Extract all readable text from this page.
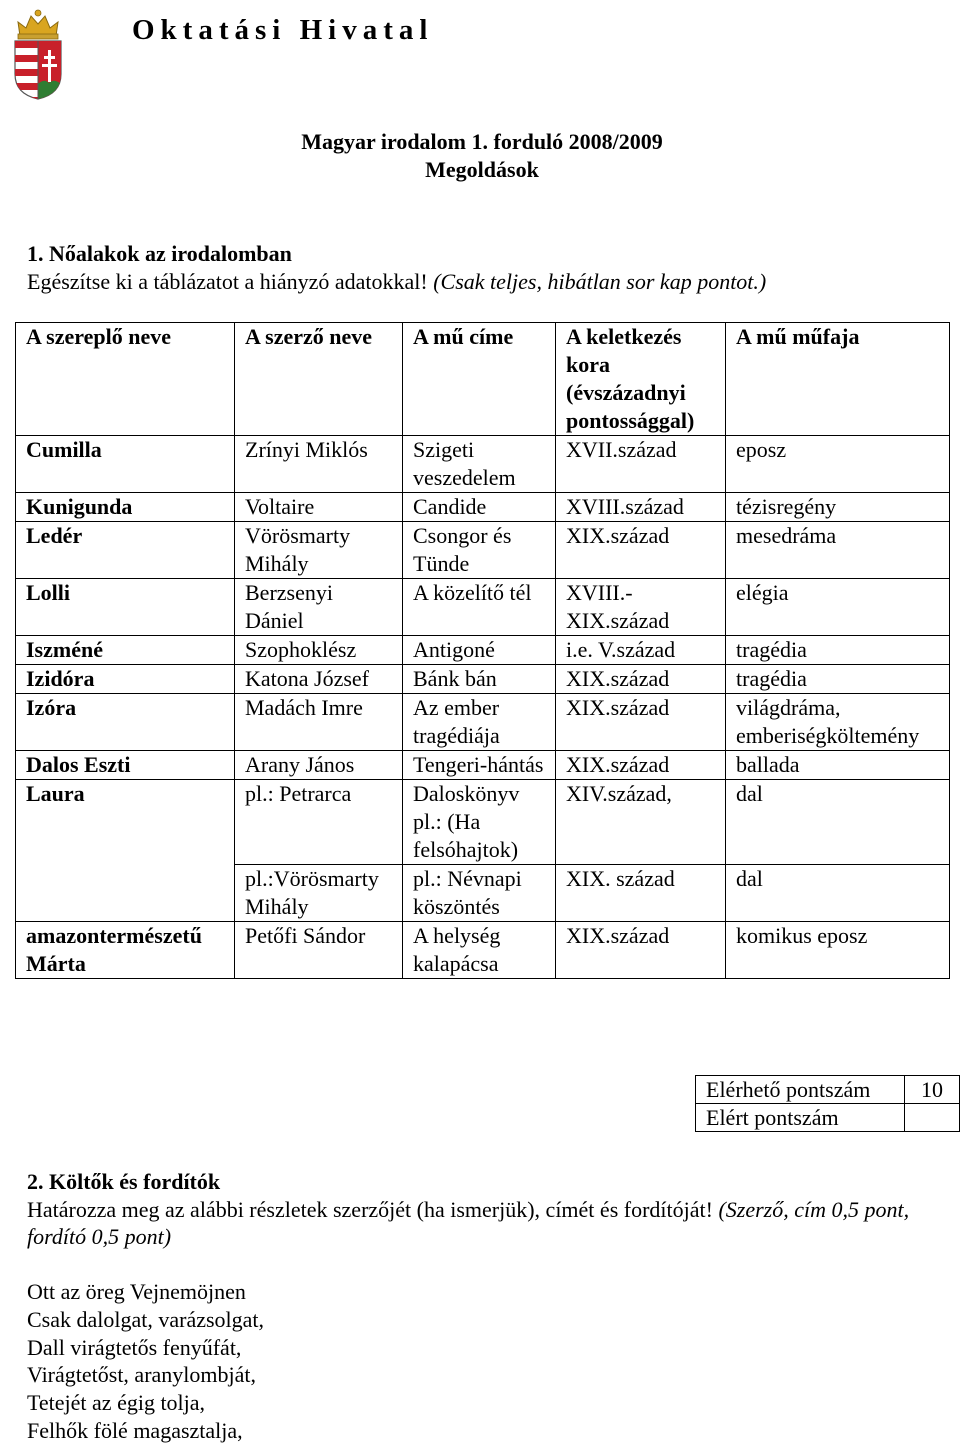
Oktatási Hivatal
Magyar irodalom 1. forduló 2008/2009
Megoldások
1. Nőalakok az irodalomban
Egészítse ki a táblázatot a hiányzó adatokkal! (Csak teljes, hibátlan sor kap pontot.)
A szereplő neve	A szerző neve	A mű címe	A keletkezés kora (évszázadnyi pontossággal)	A mű műfaja
Cumilla	Zrínyi Miklós	Szigeti veszedelem	XVII.század	eposz
Kunigunda	Voltaire	Candide	XVIII.század	tézisregény
Ledér	Vörösmarty Mihály	Csongor és Tünde	XIX.század	mesedráma
Lolli	Berzsenyi Dániel	A közelítő tél	XVIII.- XIX.század	elégia
Iszméné	Szophoklész	Antigoné	i.e. V.század	tragédia
Izidóra	Katona József	Bánk bán	XIX.század	tragédia
Izóra	Madách Imre	Az ember tragédiája	XIX.század	világdráma, emberiségköltemény
Dalos Eszti	Arany János	Tengeri-hántás	XIX.század	ballada
Laura	pl.: Petrarca	Daloskönyv pl.: (Ha felsóhajtok)	XIV.század,	dal
	pl.:Vörösmarty Mihály	pl.: Névnapi köszöntés	XIX. század	dal
amazontermészetű Márta	Petőfi Sándor	A helység kalapácsa	XIX.század	komikus eposz
Elérhető pontszám	10
Elért pontszám	
2. Költők és fordítók
Határozza meg az alábbi részletek szerzőjét (ha ismerjük), címét és fordítóját! (Szerző, cím 0,5 pont, fordító 0,5 pont)
Ott az öreg Vejnemöjnen
Csak dalolgat, varázsolgat,
Dall virágtetős fenyűfát,
Virágtetőst, aranylombját,
Tetejét az égig tolja,
Felhők fölé magasztalja,
